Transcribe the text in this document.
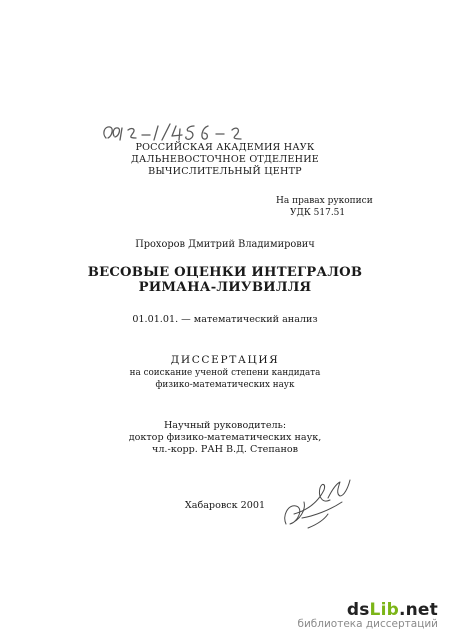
РОССИЙСКАЯ АКАДЕМИЯ НАУК
ДАЛЬНЕВОСТОЧНОЕ ОТДЕЛЕНИЕ
ВЫЧИСЛИТЕЛЬНЫЙ ЦЕНТР
На правах рукописи
УДК 517.51
Прохоров Дмитрий Владимирович
ВЕСОВЫЕ ОЦЕНКИ ИНТЕГРАЛОВ
РИМАНА-ЛИУВИЛЛЯ
01.01.01. — математический анализ
ДИССЕРТАЦИЯ
на соискание ученой степени кандидата
физико-математических наук
Научный руководитель:
доктор физико-математических наук,
чл.-корр. РАН В.Д. Степанов
Хабаровск 2001
dsLib.net
библиотека диссертаций
